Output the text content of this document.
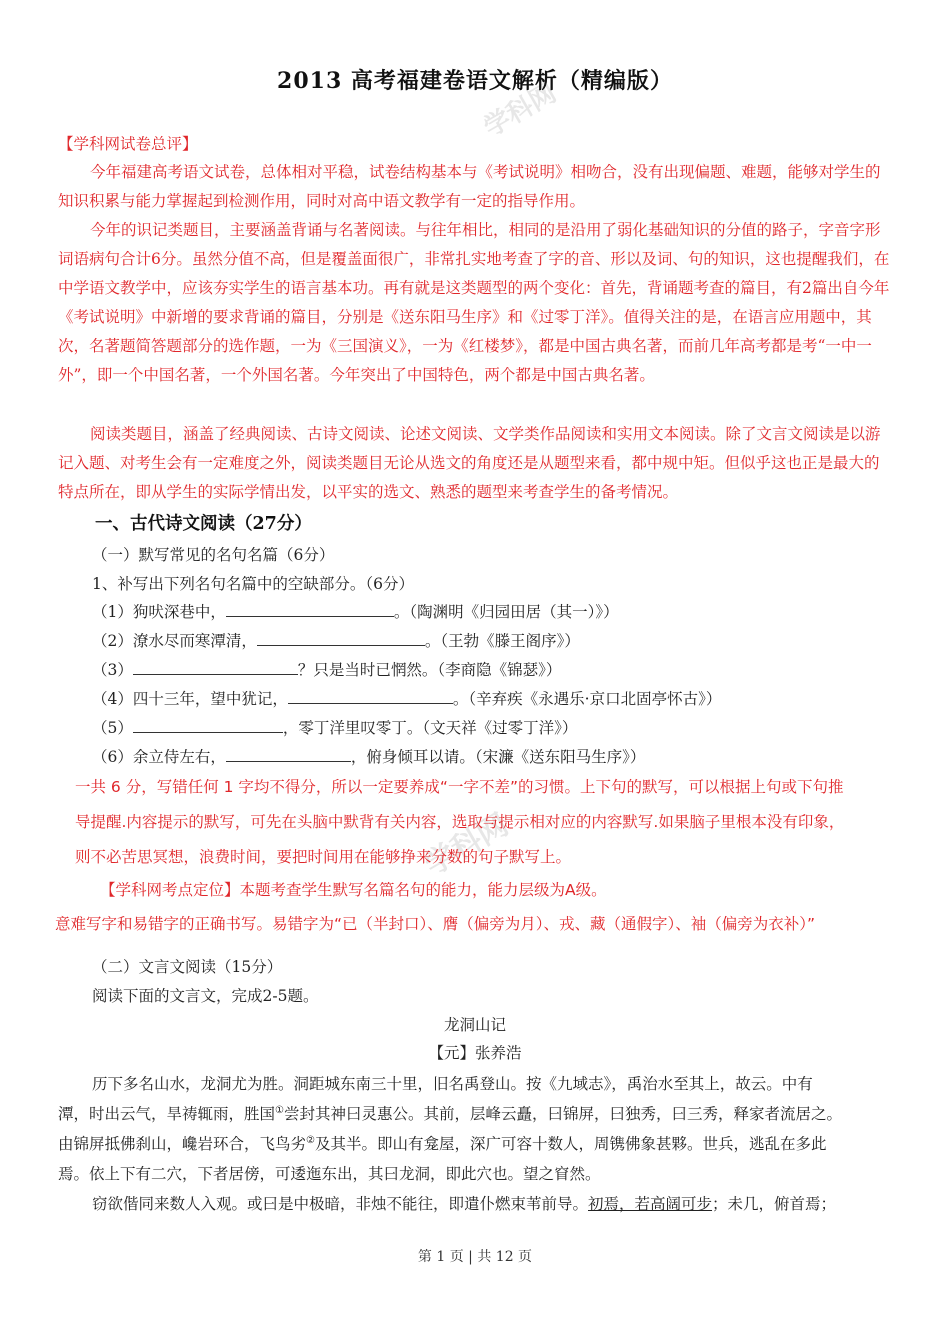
学科网
学科网
2013 高考福建卷语文解析（精编版）
【学科网试卷总评】
今年福建高考语文试卷，总体相对平稳，试卷结构基本与《考试说明》相吻合，没有出现偏题、难题，能够对学生的知识积累与能力掌握起到检测作用，同时对高中语文教学有一定的指导作用。
今年的识记类题目，主要涵盖背诵与名著阅读。与往年相比，相同的是沿用了弱化基础知识的分值的路子，字音字形词语病句合计6分。虽然分值不高，但是覆盖面很广，非常扎实地考查了字的音、形以及词、句的知识，这也提醒我们，在中学语文教学中，应该夯实学生的语言基本功。再有就是这类题型的两个变化：首先，背诵题考查的篇目，有2篇出自今年《考试说明》中新增的要求背诵的篇目，分别是《送东阳马生序》和《过零丁洋》。值得关注的是，在语言应用题中，其次，名著题简答题部分的选作题，一为《三国演义》，一为《红楼梦》，都是中国古典名著，而前几年高考都是考“一中一外”，即一个中国名著，一个外国名著。今年突出了中国特色，两个都是中国古典名著。
阅读类题目，涵盖了经典阅读、古诗文阅读、论述文阅读、文学类作品阅读和实用文本阅读。除了文言文阅读是以游记入题、对考生会有一定难度之外，阅读类题目无论从选文的角度还是从题型来看，都中规中矩。但似乎这也正是最大的特点所在，即从学生的实际学情出发，以平实的选文、熟悉的题型来考查学生的备考情况。
一、古代诗文阅读（27分）
（一）默写常见的名句名篇（6分）
1、补写出下列名句名篇中的空缺部分。（6分）
（1）狗吠深巷中，	。（陶渊明《归园田居（其一）》）
（2）潦水尽而寒潭清，	。（王勃《滕王阁序》）
（3）	？只是当时已惘然。（李商隐《锦瑟》）
（4）四十三年，望中犹记，	。（辛弃疾《永遇乐·京口北固亭怀古》）
（5）	，零丁洋里叹零丁。（文天祥《过零丁洋》）
（6）余立侍左右，	，俯身倾耳以请。（宋濂《送东阳马生序》）
一共 6 分，写错任何 1 字均不得分，所以一定要养成“一字不差”的习惯。上下句的默写，可以根据上句或下句推
导提醒.内容提示的默写，可先在头脑中默背有关内容，选取与提示相对应的内容默写.如果脑子里根本没有印象，
则不必苦思冥想，浪费时间，要把时间用在能够挣来分数的句子默写上。
【学科网考点定位】本题考查学生默写名篇名句的能力，能力层级为A级。
意难写字和易错字的正确书写。易错字为“已（半封口）、膺（偏旁为月）、戎、藏（通假字）、袖（偏旁为衣补）”
（二）文言文阅读（15分）
阅读下面的文言文，完成2-5题。
龙洞山记
【元】张养浩
历下多名山水，龙洞尤为胜。洞距城东南三十里，旧名禹登山。按《九域志》，禹治水至其上，故云。中有
潭，时出云气，旱祷辄雨，胜国①尝封其神曰灵惠公。其前，层峰云矗，曰锦屏，曰独秀，曰三秀，释家者流居之。
由锦屏抵佛刹山，巉岩环合，飞鸟劣②及其半。即山有龛屋，深广可容十数人，周镌佛象甚夥。世兵，逃乱在多此
焉。依上下有二穴，下者居傍，可逶迤东出，其曰龙洞，即此穴也。望之窅然。
窃欲偕同来数人入观。或曰是中极暗，非烛不能往，即遣仆燃束苇前导。初焉，若高阔可步；未几，俯首焉；
第 1 页 | 共 12 页
